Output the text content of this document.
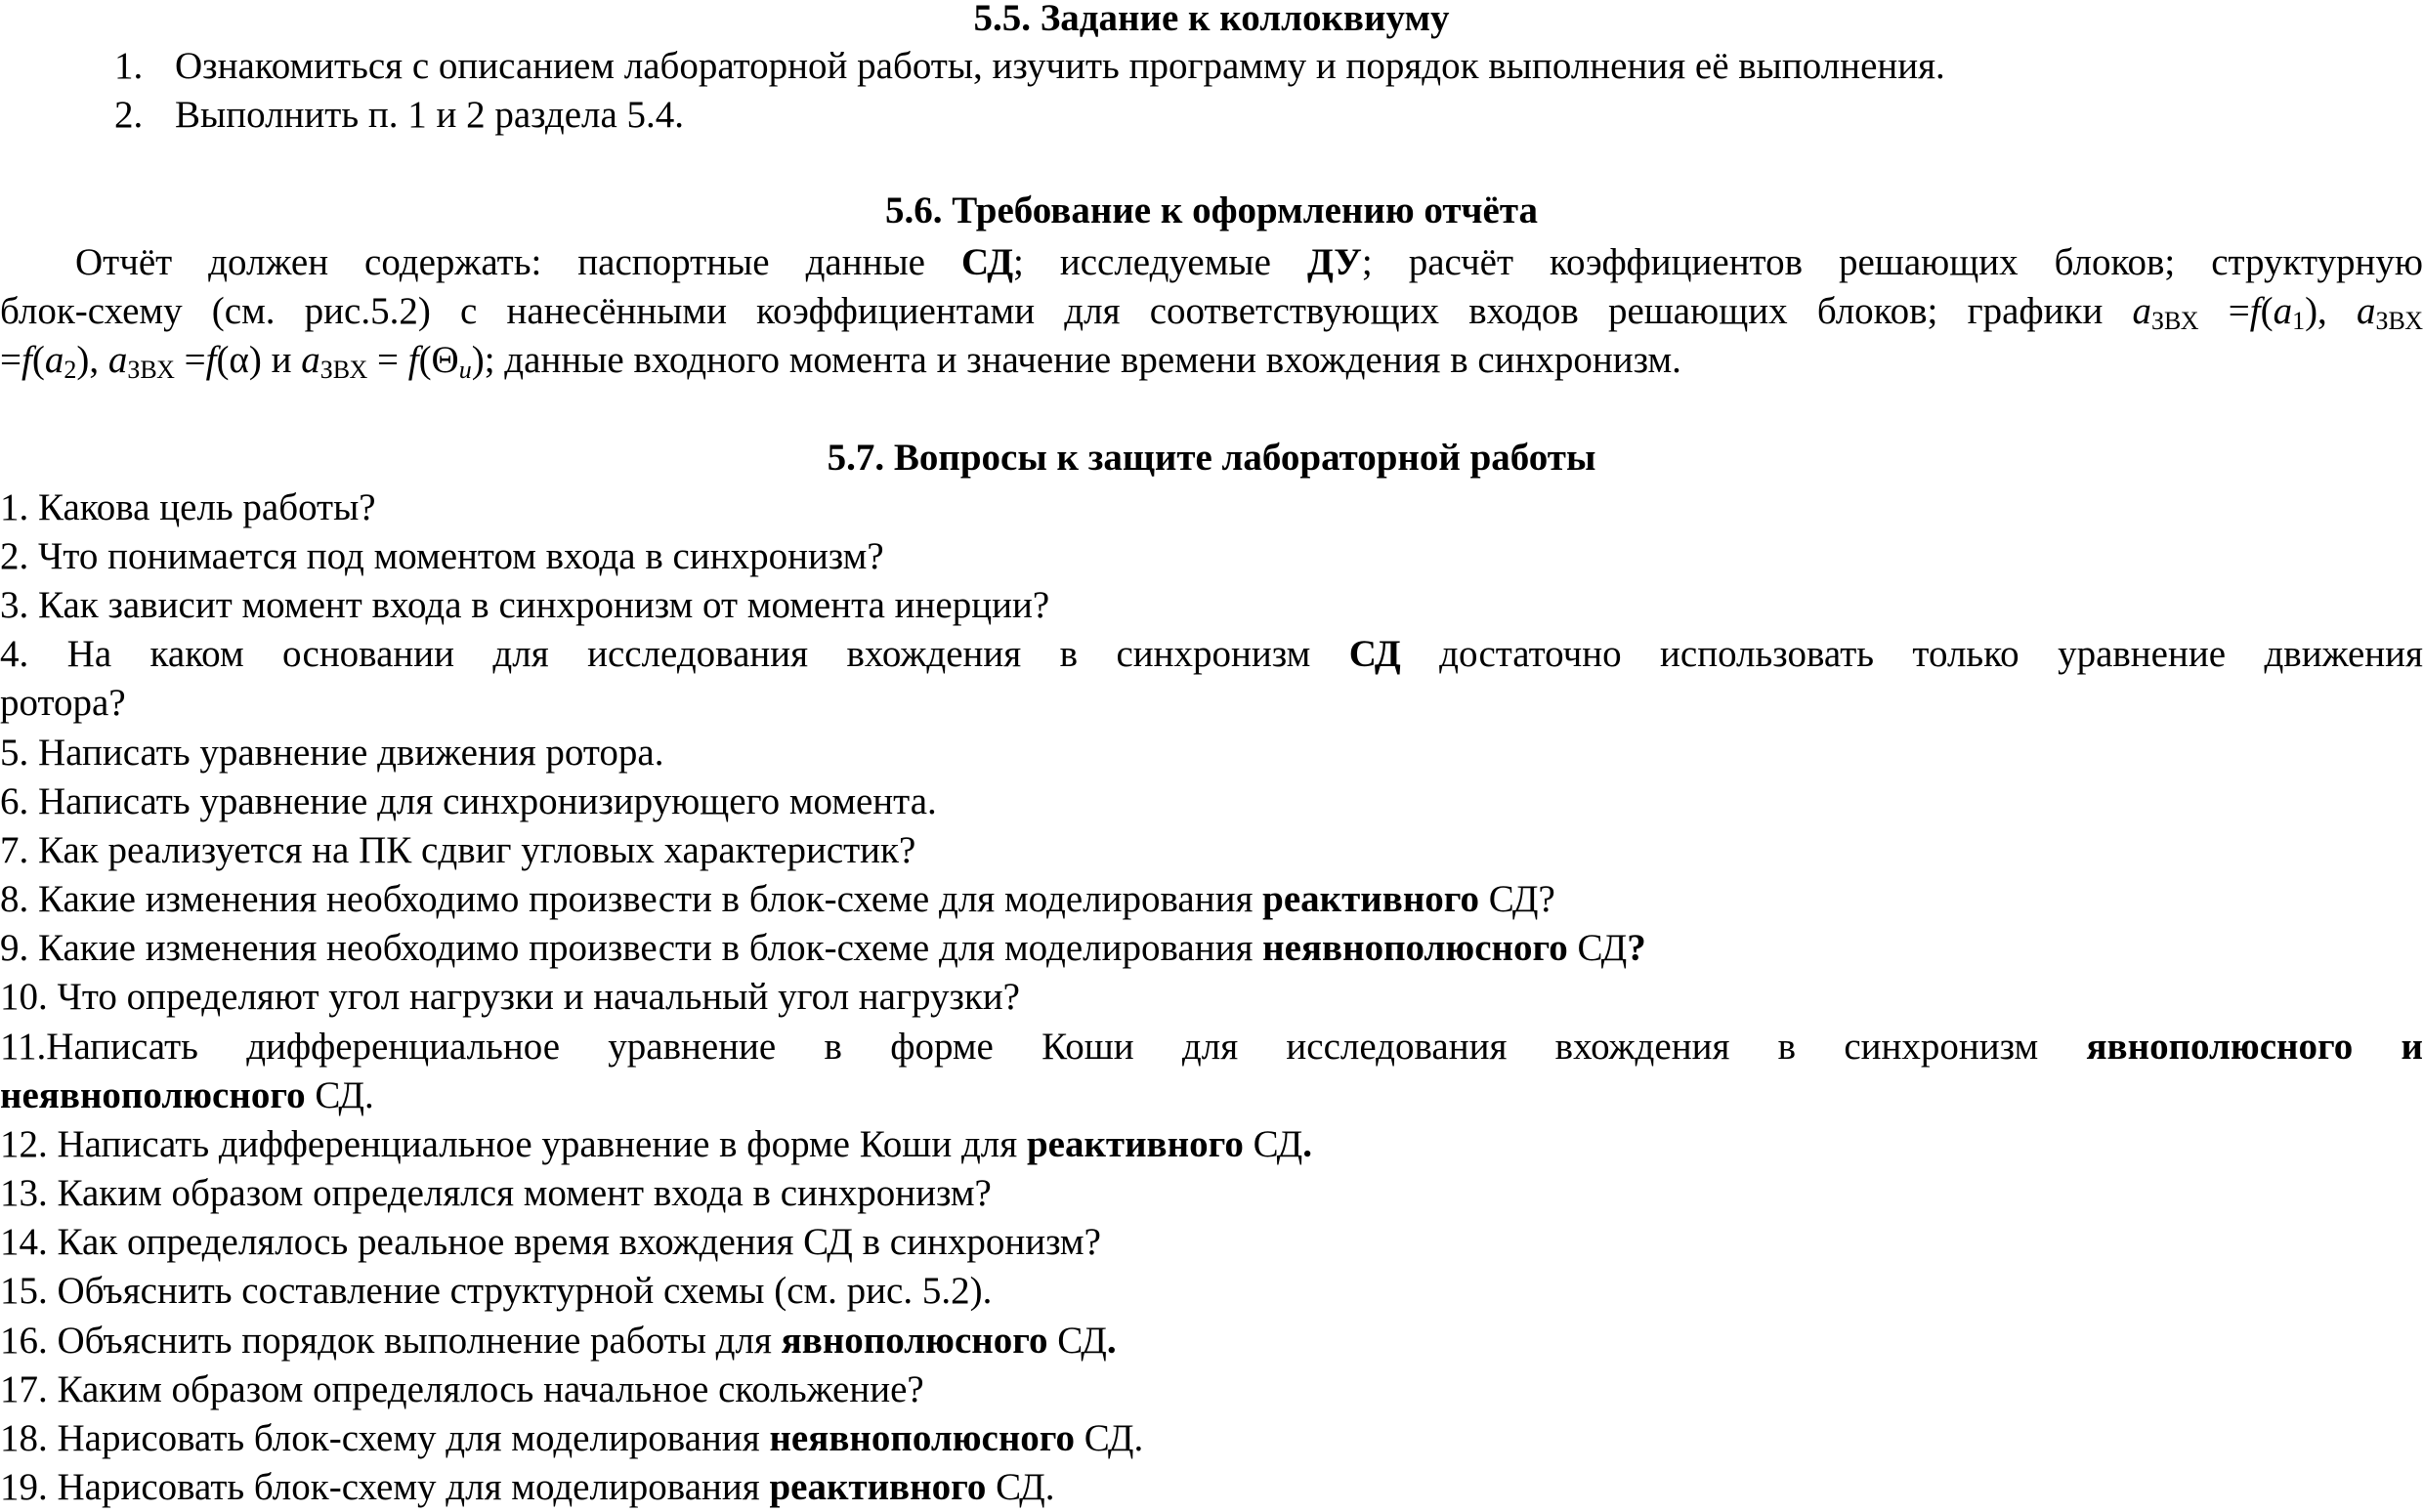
5.5. Задание к коллоквиуму
1. Ознакомиться с описанием лабораторной работы, изучить программу и порядок выполнения её выполнения.
2. Выполнить п. 1 и 2 раздела 5.4.
5.6. Требование к оформлению отчёта
Отчёт должен содержать: паспортные данные СД; исследуемые ДУ; расчёт коэффициентов решающих блоков; структурную
блок-схему (см. рис.5.2) с нанесёнными коэффициентами для соответствующих входов решающих блоков; графики $a_{ЗВХ} =f(a_1)$, $a_{ЗВХ}$
$=f(a_2)$, $a_{ЗВХ} =f(\alpha)$ и $a_{ЗВХ} = f(\Theta_u)$; данные входного момента и значение времени вхождения в синхронизм.
5.7. Вопросы к защите лабораторной работы
1. Какова цель работы?
2. Что понимается под моментом входа в синхронизм?
3. Как зависит момент входа в синхронизм от момента инерции?
4. На каком основании для исследования вхождения в синхронизм СД достаточно использовать только уравнение движения
ротора?
5. Написать уравнение движения ротора.
6. Написать уравнение для синхронизирующего момента.
7. Как реализуется на ПК сдвиг угловых характеристик?
8. Какие изменения необходимо произвести в блок-схеме для моделирования реактивного СД?
9. Какие изменения необходимо произвести в блок-схеме для моделирования неявнополюсного СД?
10. Что определяют угол нагрузки и начальный угол нагрузки?
11.Написать дифференциальное уравнение в форме Коши для исследования вхождения в синхронизм явнополюсного и
неявнополюсного СД.
12. Написать дифференциальное уравнение в форме Коши для реактивного СД.
13. Каким образом определялся момент входа в синхронизм?
14. Как определялось реальное время вхождения СД в синхронизм?
15. Объяснить составление структурной схемы (см. рис. 5.2).
16. Объяснить порядок выполнение работы для явнополюсного СД.
17. Каким образом определялось начальное скольжение?
18. Нарисовать блок-схему для моделирования неявнополюсного СД.
19. Нарисовать блок-схему для моделирования реактивного СД.
